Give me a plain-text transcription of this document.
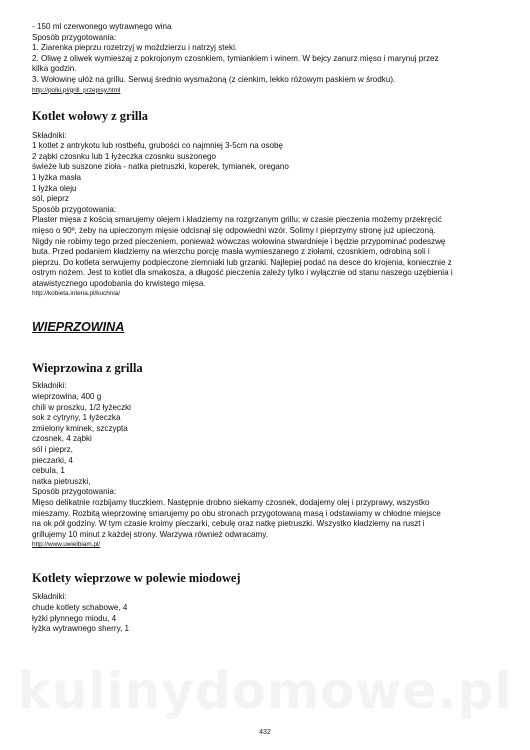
- 150 ml czerwonego wytrawnego wina
Sposób przygotowania:
1. Ziarenka pieprzu rozetrzyj w moździerzu i natrzyj steki.
2. Oliwę z oliwek wymieszaj z pokrojonym czosnkiem, tymiankiem i winem. W bejcy zanurz mięso i marynuj przez
kilka godzin.
3. Wołowinę ułóż na grillu. Serwuj średnio wysmażoną (z cienkim, lekko różowym paskiem w środku).
http://polki.pl/grill_przepisy.html
Kotlet wołowy z grilla
Składniki:
1 kotlet z antrykotu lub rostbefu, grubości co najmniej 3-5cm na osobę
2 ząbki czosnku lub 1 łyżeczka czosnku suszonego
świeże lub suszone zioła - natka pietruszki, koperek, tymianek, oregano
1 łyżka masła
1 łyżka oleju
sól, pieprz
Sposób przygotowania:
Plaster mięsa z kością smarujemy olejem i kładziemy na rozgrzanym grillu; w czasie pieczenia możemy przekręcić
mięso o 90º, żeby na upieczonym mięsie odcisnął się odpowiedni wzór. Solimy i pieprzymy stronę już upieczoną.
Nigdy nie robimy tego przed pieczeniem, ponieważ wówczas wołowina stwardnieje i będzie przypominać podeszwę
buta. Przed podaniem kładziemy na wierzchu porcję masła wymieszanego z ziołami, czosnkiem, odrobiną soli i
pieprzu. Do kotleta serwujemy podpieczone ziemniaki lub grzanki. Najlepiej podać na desce do krojenia, koniecznie z
ostrym nożem. Jest to kotlet dla smakosza, a długość pieczenia zależy tylko i wyłącznie od stanu naszego uzębienia i
atawistycznego upodobania do krwistego mięsa.
http://kobieta.interia.pl/kuchnia/
WIEPRZOWINA
Wieprzowina z grilla
Składniki:
wieprzowina, 400 g
chili w proszku, 1/2 łyżeczki
sok z cytryny, 1 łyżeczka
zmielony kminek, szczypta
czosnek, 4 ząbki
sól i pieprz,
pieczarki, 4
cebula, 1
natka pietruszki,
Sposób przygotowania:
Mięso delikatnie rozbijamy tłuczkiem. Następnie drobno siekamy czosnek, dodajemy olej i przyprawy, wszystko
mieszamy. Rozbitą wieprzowinę smarujemy po obu stronach przygotowaną masą i odstawiamy w chłodne miejsce
na ok pół godziny. W tym czasie kroimy pieczarki, cebulę oraz natkę pietruszki. Wszystko kładziemy na ruszt i
grillujemy 10 minut z każdej strony. Warzywa również odwracamy.
http://www.uwielbiam.pl/
Kotlety wieprzowe w polewie miodowej
Składniki:
chude kotlety schabowe, 4
łyżki płynnego miodu, 4
łyżka wytrawnego sherry, 1
kulinydomowe.pl
432
